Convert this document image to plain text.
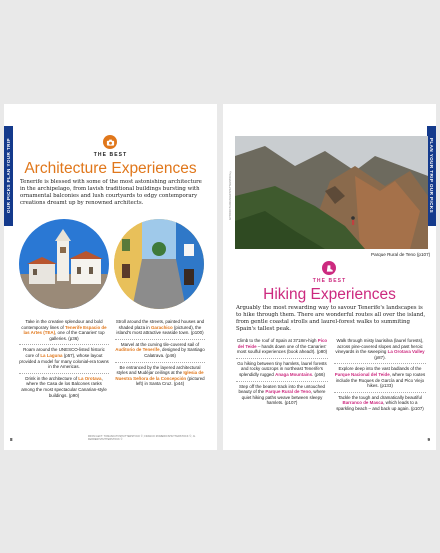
OUR PICKS PLAN YOUR TRIP	THE BEST
Architecture Experiences
Tenerife is blessed with some of the most astonishing architecture in the archipelago, from lavish traditional buildings bursting with ornamental balconies and lush courtyards to edgy contemporary creations dreamt up by renowned architects.
Take in the creative splendour and bold contemporary lines of Tenerife Espacio de las Artes (TEA), one of the Canaries' top galleries. (p36)
Roam around the UNESCO-listed historic core of La Laguna (p57), whose layout provided a model for many colonial-era towns in the Americas.
Drink in the architecture of La Orotava, where the Casa de los Balcones ranks among the most spectacular Canarian-style buildings. (p90)
Stroll around the streets, painted houses and shaded plaza in Garachico (pictured), the island's most attractive seaside town. (p100)
Marvel at the curving tile-covered sail of Auditorio de Tenerife, designed by Santiago Calatrava. (p46)
Be entranced by the layered architectural styles and Mudéjar ceilings at the Iglesia de Nuestra Señora de la Concepción (pictured left) in Santa Cruz. (p44)
8
FROM LEFT: TOMASFUTOSHUTTERSTOCK ©; FRANCO ROMERO/SHUTTERSTOCK ©; JL FERRER/SHUTTERSTOCK ©
PLAN YOUR TRIP OUR PICKS
ANTONIO HERNANDEZ/SHUTTERSTOCK ©
Parque Rural de Teno (p107)
THE BEST
Hiking Experiences
Arguably the most rewarding way to savour Tenerife's landscapes is to hike through them. There are wonderful routes all over the island, from gentle coastal strolls and laurel-forest walks to summiting Spain's tallest peak.
Climb to the roof of Spain at 3718m-high Pico del Teide – hands down one of the Canaries' most soulful experiences (book ahead!). (p80)
Go hiking between tiny hamlets, laurel forests and rocky outcrops in northeast Tenerife's splendidly rugged Anaga Mountains. (p66)
Step off the beaten track into the untouched beauty of the Parque Rural de Teno, where quiet hiking paths weave between sleepy hamlets. (p107)
Walk through misty laurisilva (laurel forests), across pine-covered slopes and past heroic vineyards in the sweeping La Orotava Valley (p87).
Explore deep into the vast badlands of the Parque Nacional del Teide, where top routes include the Roques de García and Pico Viejo hikes. (p133)
Tackle the tough and dramatically beautiful Barranco de Masca, which leads to a sparkling beach – and back up again. (p107)
9
